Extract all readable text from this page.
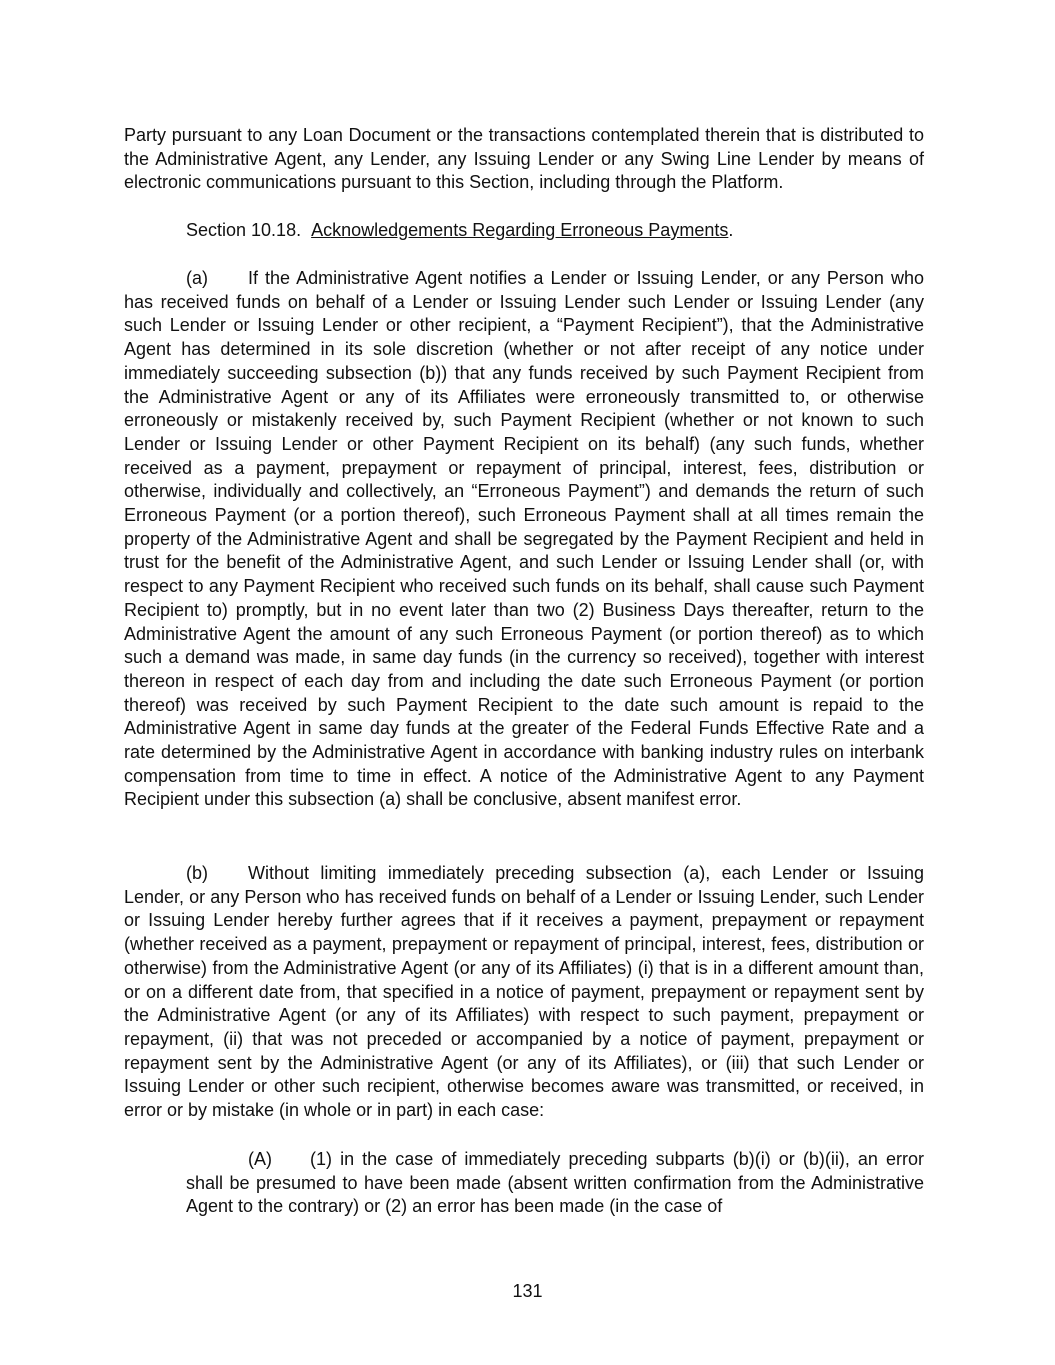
Party pursuant to any Loan Document or the transactions contemplated therein that is distributed to the Administrative Agent, any Lender, any Issuing Lender or any Swing Line Lender by means of electronic communications pursuant to this Section, including through the Platform.
Section 10.18. Acknowledgements Regarding Erroneous Payments.
(a) If the Administrative Agent notifies a Lender or Issuing Lender, or any Person who has received funds on behalf of a Lender or Issuing Lender such Lender or Issuing Lender (any such Lender or Issuing Lender or other recipient, a “Payment Recipient”), that the Administrative Agent has determined in its sole discretion (whether or not after receipt of any notice under immediately succeeding subsection (b)) that any funds received by such Payment Recipient from the Administrative Agent or any of its Affiliates were erroneously transmitted to, or otherwise erroneously or mistakenly received by, such Payment Recipient (whether or not known to such Lender or Issuing Lender or other Payment Recipient on its behalf) (any such funds, whether received as a payment, prepayment or repayment of principal, interest, fees, distribution or otherwise, individually and collectively, an “Erroneous Payment”) and demands the return of such Erroneous Payment (or a portion thereof), such Erroneous Payment shall at all times remain the property of the Administrative Agent and shall be segregated by the Payment Recipient and held in trust for the benefit of the Administrative Agent, and such Lender or Issuing Lender shall (or, with respect to any Payment Recipient who received such funds on its behalf, shall cause such Payment Recipient to) promptly, but in no event later than two (2) Business Days thereafter, return to the Administrative Agent the amount of any such Erroneous Payment (or portion thereof) as to which such a demand was made, in same day funds (in the currency so received), together with interest thereon in respect of each day from and including the date such Erroneous Payment (or portion thereof) was received by such Payment Recipient to the date such amount is repaid to the Administrative Agent in same day funds at the greater of the Federal Funds Effective Rate and a rate determined by the Administrative Agent in accordance with banking industry rules on interbank compensation from time to time in effect. A notice of the Administrative Agent to any Payment Recipient under this subsection (a) shall be conclusive, absent manifest error.
(b) Without limiting immediately preceding subsection (a), each Lender or Issuing Lender, or any Person who has received funds on behalf of a Lender or Issuing Lender, such Lender or Issuing Lender hereby further agrees that if it receives a payment, prepayment or repayment (whether received as a payment, prepayment or repayment of principal, interest, fees, distribution or otherwise) from the Administrative Agent (or any of its Affiliates) (i) that is in a different amount than, or on a different date from, that specified in a notice of payment, prepayment or repayment sent by the Administrative Agent (or any of its Affiliates) with respect to such payment, prepayment or repayment, (ii) that was not preceded or accompanied by a notice of payment, prepayment or repayment sent by the Administrative Agent (or any of its Affiliates), or (iii) that such Lender or Issuing Lender or other such recipient, otherwise becomes aware was transmitted, or received, in error or by mistake (in whole or in part) in each case:
(A) (1) in the case of immediately preceding subparts (b)(i) or (b)(ii), an error shall be presumed to have been made (absent written confirmation from the Administrative Agent to the contrary) or (2) an error has been made (in the case of
131
